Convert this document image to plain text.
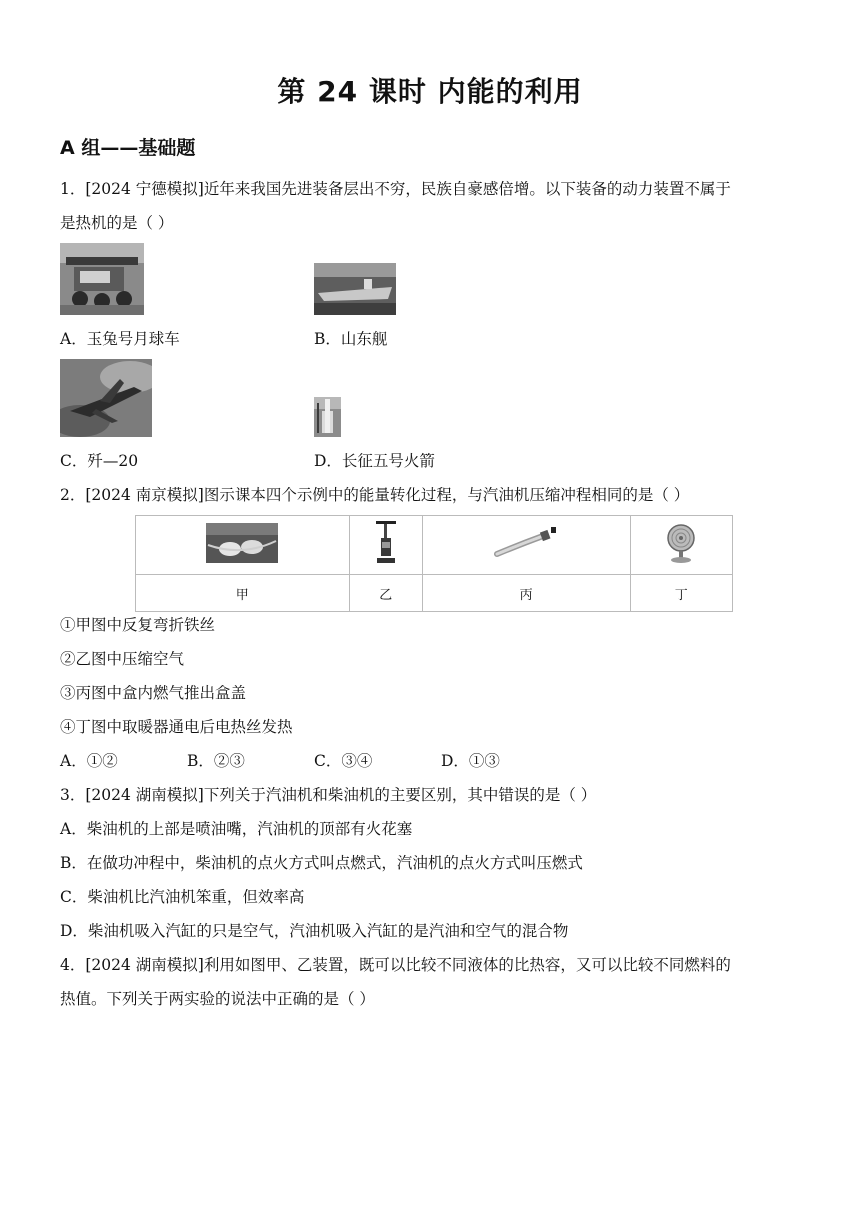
第 24 课时 内能的利用
A 组——基础题
1．[2024 宁德模拟]近年来我国先进装备层出不穷，民族自豪感倍增。以下装备的动力装置不属于
是热机的是（ ）
A．玉兔号月球车	B．山东舰
C．歼—20	D．长征五号火箭
2．[2024 南京模拟]图示课本四个示例中的能量转化过程，与汽油机压缩冲程相同的是（ ）

甲	乙	丙	丁
①甲图中反复弯折铁丝
②乙图中压缩空气
③丙图中盒内燃气推出盒盖
④丁图中取暖器通电后电热丝发热
A．①②	B．②③	C．③④	D．①③
3．[2024 湖南模拟]下列关于汽油机和柴油机的主要区别，其中错误的是（ ）
A．柴油机的上部是喷油嘴，汽油机的顶部有火花塞
B．在做功冲程中，柴油机的点火方式叫点燃式，汽油机的点火方式叫压燃式
C．柴油机比汽油机笨重，但效率高
D．柴油机吸入汽缸的只是空气，汽油机吸入汽缸的是汽油和空气的混合物
4．[2024 湖南模拟]利用如图甲、乙装置，既可以比较不同液体的比热容，又可以比较不同燃料的
热值。下列关于两实验的说法中正确的是（ ）
